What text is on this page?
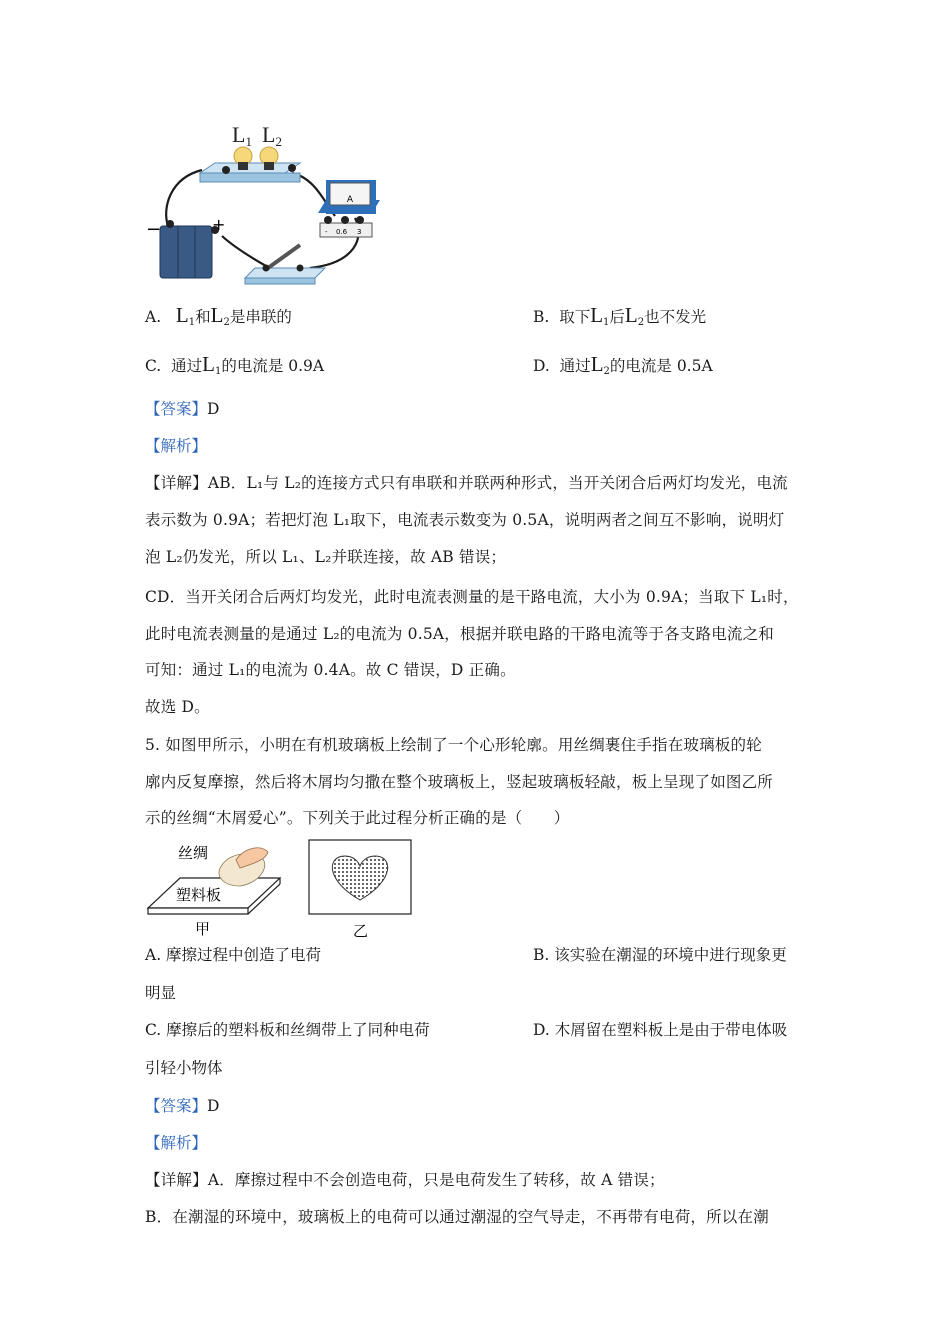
L1 L2
A
- 0.6 3
−	+
A. $L_1$和$L_2$是串联的	B. 取下$L_1$后$L_2$也不发光
C. 通过$L_1$的电流是 0.9A	D. 通过$L_2$的电流是 0.5A
【答案】D
【解析】
【详解】AB．L₁与 L₂的连接方式只有串联和并联两种形式，当开关闭合后两灯均发光，电流
表示数为 0.9A；若把灯泡 L₁取下，电流表示数变为 0.5A，说明两者之间互不影响，说明灯
泡 L₂仍发光，所以 L₁、L₂并联连接，故 AB 错误；
CD．当开关闭合后两灯均发光，此时电流表测量的是干路电流，大小为 0.9A；当取下 L₁时，
此时电流表测量的是通过 L₂的电流为 0.5A，根据并联电路的干路电流等于各支路电流之和
可知：通过 L₁的电流为 0.4A。故 C 错误，D 正确。
故选 D。
5. 如图甲所示，小明在有机玻璃板上绘制了一个心形轮廓。用丝绸裹住手指在玻璃板的轮
廓内反复摩擦，然后将木屑均匀撒在整个玻璃板上，竖起玻璃板轻敲，板上呈现了如图乙所
示的丝绸“木屑爱心”。下列关于此过程分析正确的是（　　）
丝绸
塑料板
甲	乙
A. 摩擦过程中创造了电荷	B. 该实验在潮湿的环境中进行现象更
明显
C. 摩擦后的塑料板和丝绸带上了同种电荷	D. 木屑留在塑料板上是由于带电体吸
引轻小物体
【答案】D
【解析】
【详解】A．摩擦过程中不会创造电荷，只是电荷发生了转移，故 A 错误；
B．在潮湿的环境中，玻璃板上的电荷可以通过潮湿的空气导走，不再带有电荷，所以在潮
